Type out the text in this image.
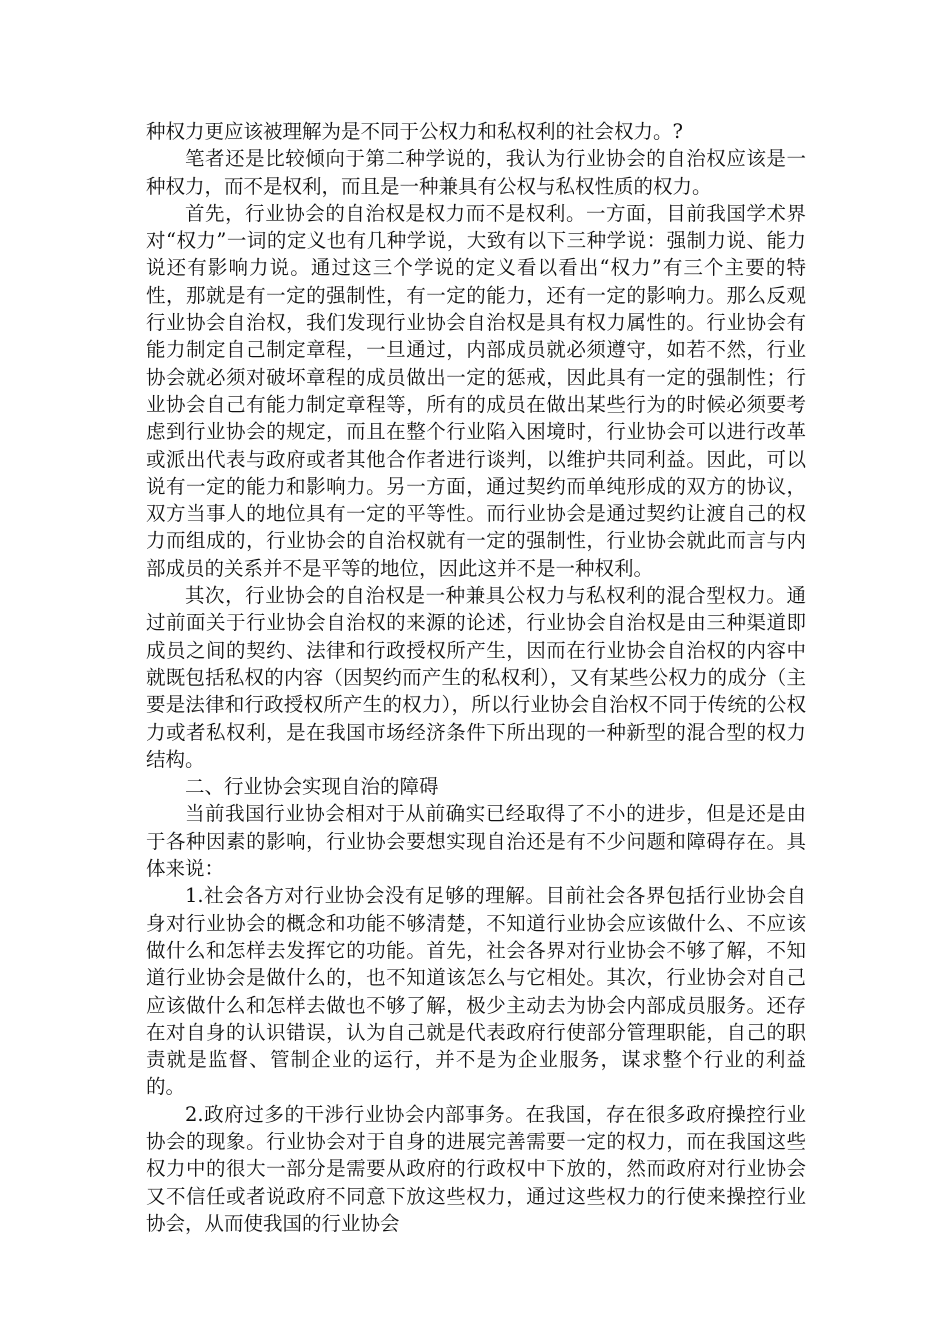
种权力更应该被理解为是不同于公权力和私权利的社会权力。?

笔者还是比较倾向于第二种学说的，我认为行业协会的自治权应该是一种权力，而不是权利，而且是一种兼具有公权与私权性质的权力。

首先，行业协会的自治权是权力而不是权利。一方面，目前我国学术界对“权力”一词的定义也有几种学说，大致有以下三种学说：强制力说、能力说还有影响力说。通过这三个学说的定义看以看出“权力”有三个主要的特性，那就是有一定的强制性，有一定的能力，还有一定的影响力。那么反观行业协会自治权，我们发现行业协会自治权是具有权力属性的。行业协会有能力制定自己制定章程，一旦通过，内部成员就必须遵守，如若不然，行业协会就必须对破坏章程的成员做出一定的惩戒，因此具有一定的强制性；行业协会自己有能力制定章程等，所有的成员在做出某些行为的时候必须要考虑到行业协会的规定，而且在整个行业陷入困境时，行业协会可以进行改革或派出代表与政府或者其他合作者进行谈判，以维护共同利益。因此，可以说有一定的能力和影响力。另一方面，通过契约而单纯形成的双方的协议，双方当事人的地位具有一定的平等性。而行业协会是通过契约让渡自己的权力而组成的，行业协会的自治权就有一定的强制性，行业协会就此而言与内部成员的关系并不是平等的地位，因此这并不是一种权利。

其次，行业协会的自治权是一种兼具公权力与私权利的混合型权力。通过前面关于行业协会自治权的来源的论述，行业协会自治权是由三种渠道即成员之间的契约、法律和行政授权所产生，因而在行业协会自治权的内容中就既包括私权的内容（因契约而产生的私权利），又有某些公权力的成分（主要是法律和行政授权所产生的权力），所以行业协会自治权不同于传统的公权力或者私权利，是在我国市场经济条件下所出现的一种新型的混合型的权力结构。

二、行业协会实现自治的障碍

当前我国行业协会相对于从前确实已经取得了不小的进步，但是还是由于各种因素的影响，行业协会要想实现自治还是有不少问题和障碍存在。具体来说：

1.社会各方对行业协会没有足够的理解。目前社会各界包括行业协会自身对行业协会的概念和功能不够清楚，不知道行业协会应该做什么、不应该做什么和怎样去发挥它的功能。首先，社会各界对行业协会不够了解，不知道行业协会是做什么的，也不知道该怎么与它相处。其次，行业协会对自己应该做什么和怎样去做也不够了解，极少主动去为协会内部成员服务。还存在对自身的认识错误，认为自己就是代表政府行使部分管理职能，自己的职责就是监督、管制企业的运行，并不是为企业服务，谋求整个行业的利益的。

2.政府过多的干涉行业协会内部事务。在我国，存在很多政府操控行业协会的现象。行业协会对于自身的进展完善需要一定的权力，而在我国这些权力中的很大一部分是需要从政府的行政权中下放的，然而政府对行业协会又不信任或者说政府不同意下放这些权力，通过这些权力的行使来操控行业协会，从而使我国的行业协会
